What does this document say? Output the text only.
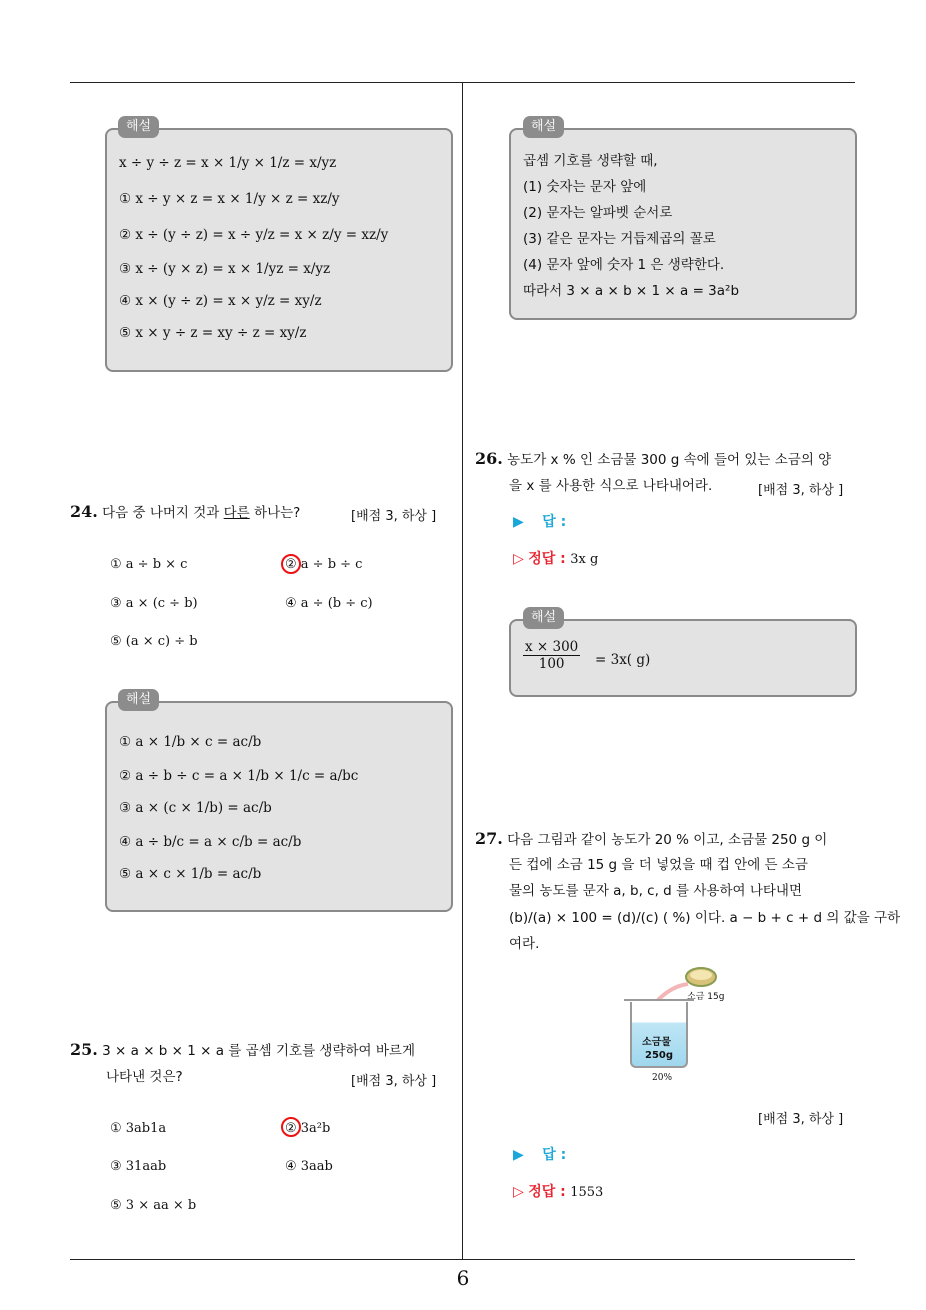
x ÷ y ÷ z = x × 1/y × 1/z = x/yz
① x ÷ y × z = x × 1/y × z = xz/y
② x ÷ (y ÷ z) = x ÷ y/z = x × z/y = xz/y
③ x ÷ (y × z) = x × 1/yz = x/yz
④ x × (y ÷ z) = x × y/z = xy/z
⑤ x × y ÷ z = xy ÷ z = xy/z
해설
24. 다음 중 나머지 것과 다른 하나는?	[배점 3, 하상 ]
① a ÷ b × c	② a ÷ b ÷ c
③ a × (c ÷ b)	④ a ÷ (b ÷ c)
⑤ (a × c) ÷ b
① a × 1/b × c = ac/b
② a ÷ b ÷ c = a × 1/b × 1/c = a/bc
③ a × (c × 1/b) = ac/b
④ a ÷ b/c = a × c/b = ac/b
⑤ a × c × 1/b = ac/b
해설
25. 3 × a × b × 1 × a 를 곱셈 기호를 생략하여 바르게
나타낸 것은?	[배점 3, 하상 ]
① 3ab1a	② 3a²b
③ 31aab	④ 3aab
⑤ 3 × aa × b
곱셈 기호를 생략할 때,
(1) 숫자는 문자 앞에
(2) 문자는 알파벳 순서로
(3) 같은 문자는 거듭제곱의 꼴로
(4) 문자 앞에 숫자 1 은 생략한다.
따라서 3 × a × b × 1 × a = 3a²b
해설
26. 농도가 x % 인 소금물 300 g 속에 들어 있는 소금의 양
을 x 를 사용한 식으로 나타내어라.	[배점 3, 하상 ]
▶ 답 :
▷ 정답 : 3x g
$\frac{x \times 300}{100} = 3x$( g)
해설
27. 다음 그림과 같이 농도가 20 % 이고, 소금물 250 g 이
든 컵에 소금 15 g 을 더 넣었을 때 컵 안에 든 소금
물의 농도를 문자 a, b, c, d 를 사용하여 나타내면
(b)/(a) × 100 = (d)/(c) ( %) 이다. a − b + c + d 의 값을 구하
여라.
소금 15g
소금물
250g
20%
[배점 3, 하상 ]
▶ 답 :
▷ 정답 : 1553
6
